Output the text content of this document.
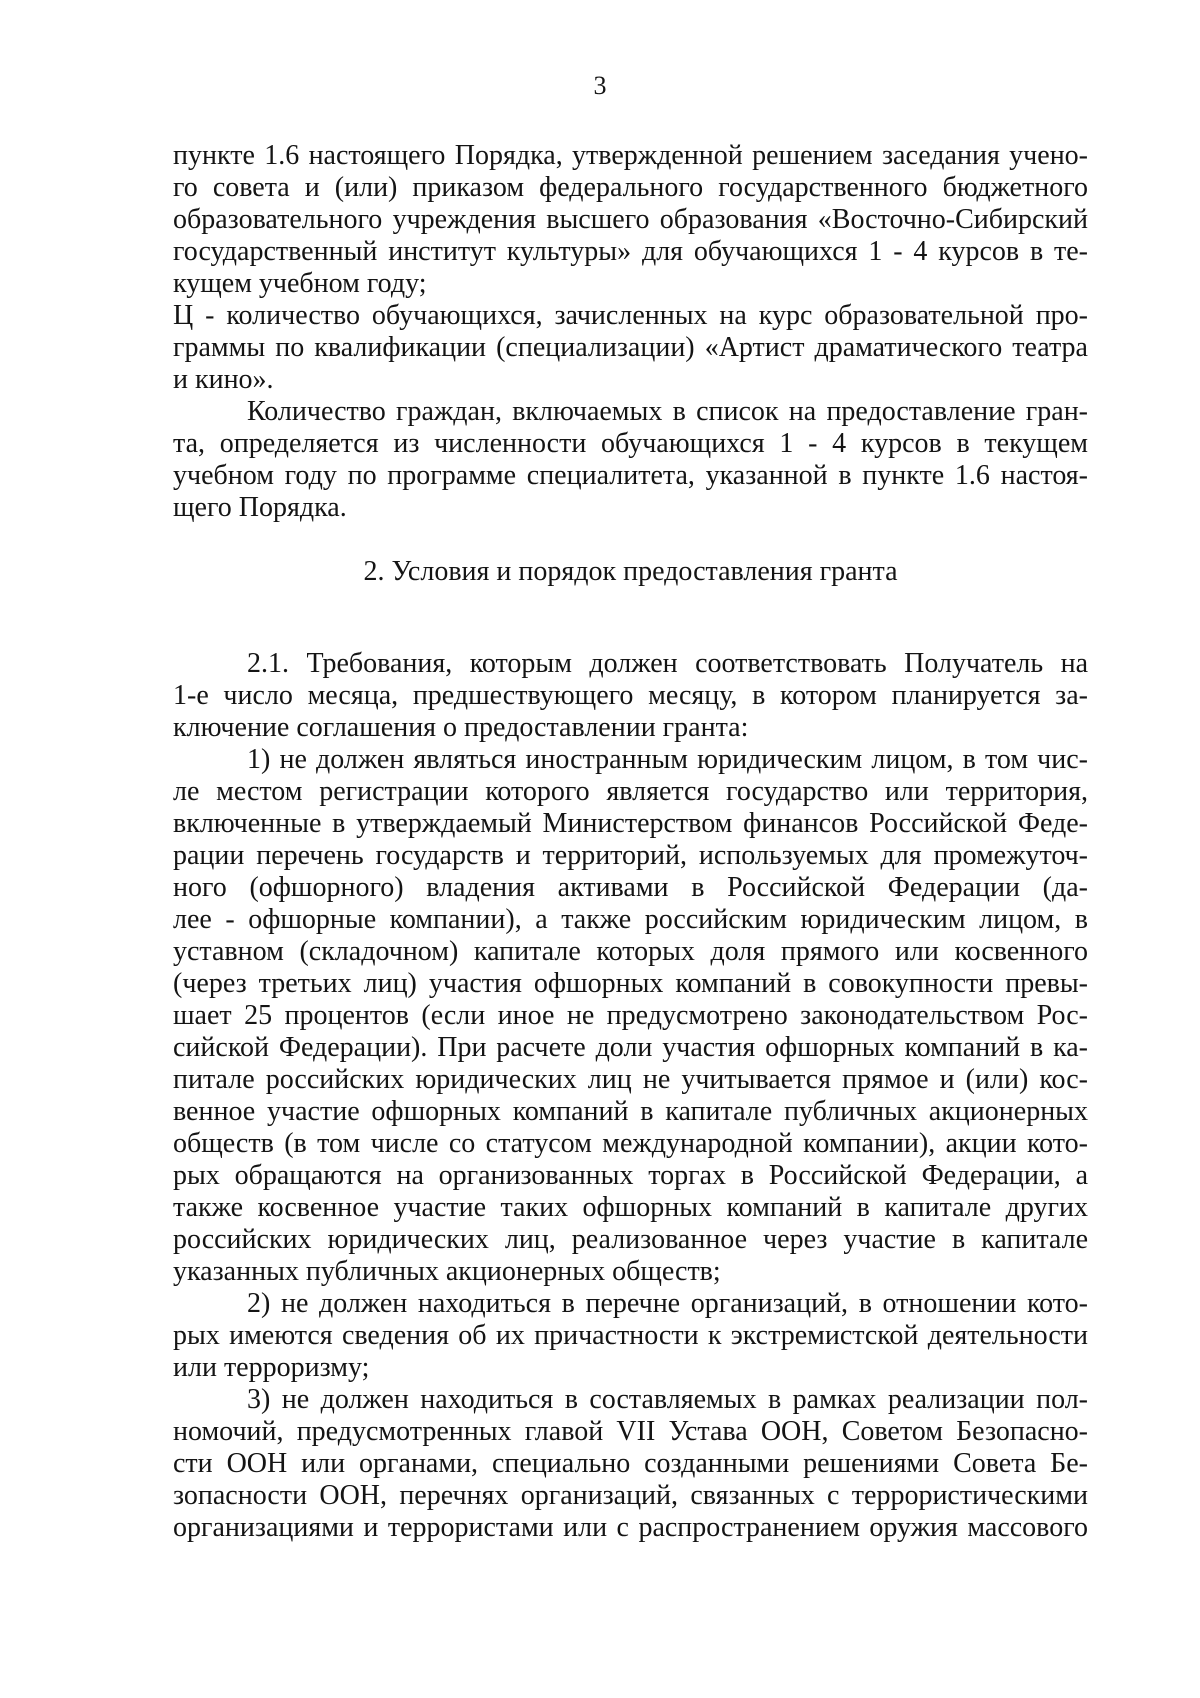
3
пункте 1.6 настоящего Порядка, утвержденной решением заседания учено-
го совета и (или) приказом федерального государственного бюджетного
образовательного учреждения высшего образования «Восточно-Сибирский
государственный институт культуры» для обучающихся 1 - 4 курсов в те-
кущем учебном году;
Ц - количество обучающихся, зачисленных на курс образовательной про-
граммы по квалификации (специализации) «Артист драматического театра
и кино».
Количество граждан, включаемых в список на предоставление гран-
та, определяется из численности обучающихся 1 - 4 курсов в текущем
учебном году по программе специалитета, указанной в пункте 1.6 настоя-
щего Порядка.
2. Условия и порядок предоставления гранта
2.1. Требования, которым должен соответствовать Получатель на
1-е число месяца, предшествующего месяцу, в котором планируется за-
ключение соглашения о предоставлении гранта:
1) не должен являться иностранным юридическим лицом, в том чис-
ле местом регистрации которого является государство или территория,
включенные в утверждаемый Министерством финансов Российской Феде-
рации перечень государств и территорий, используемых для промежуточ-
ного (офшорного) владения активами в Российской Федерации (да-
лее - офшорные компании), а также российским юридическим лицом, в
уставном (складочном) капитале которых доля прямого или косвенного
(через третьих лиц) участия офшорных компаний в совокупности превы-
шает 25 процентов (если иное не предусмотрено законодательством Рос-
сийской Федерации). При расчете доли участия офшорных компаний в ка-
питале российских юридических лиц не учитывается прямое и (или) кос-
венное участие офшорных компаний в капитале публичных акционерных
обществ (в том числе со статусом международной компании), акции кото-
рых обращаются на организованных торгах в Российской Федерации, а
также косвенное участие таких офшорных компаний в капитале других
российских юридических лиц, реализованное через участие в капитале
указанных публичных акционерных обществ;
2) не должен находиться в перечне организаций, в отношении кото-
рых имеются сведения об их причастности к экстремистской деятельности
или терроризму;
3) не должен находиться в составляемых в рамках реализации пол-
номочий, предусмотренных главой VII Устава ООН, Советом Безопасно-
сти ООН или органами, специально созданными решениями Совета Бе-
зопасности ООН, перечнях организаций, связанных с террористическими
организациями и террористами или с распространением оружия массового
